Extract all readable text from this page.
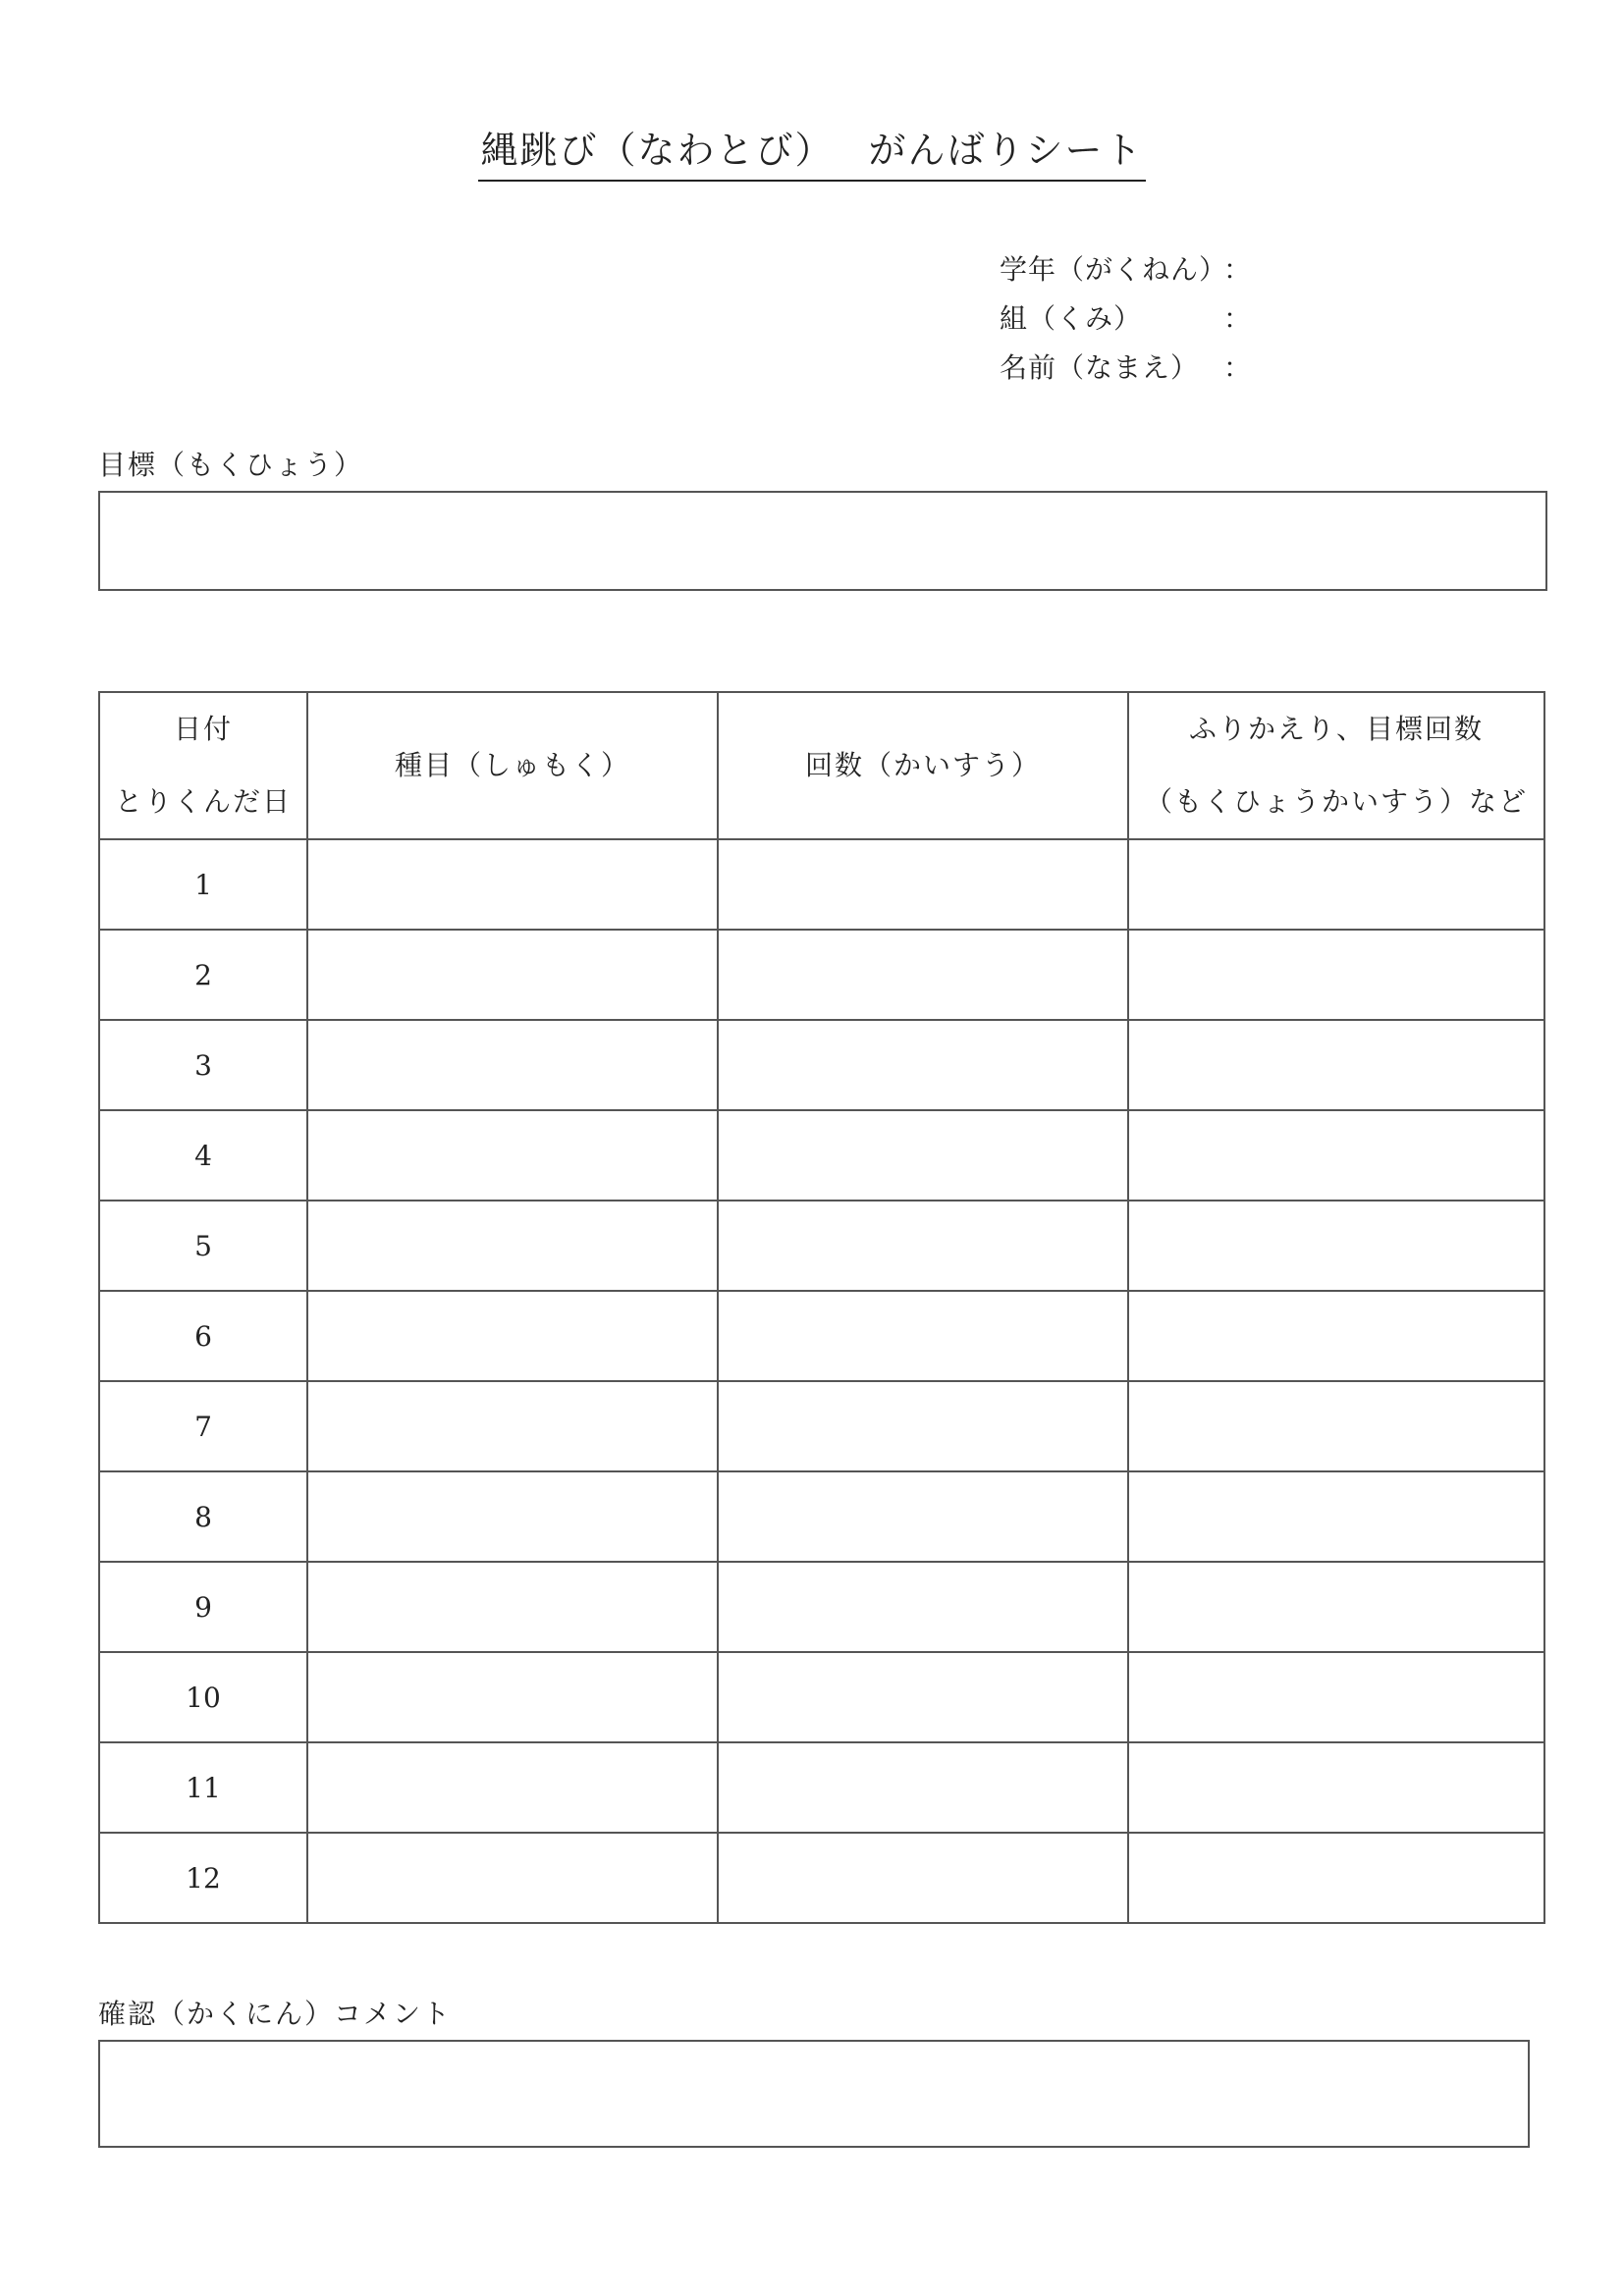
縄跳び（なわとび）　 がんばりシート
学年（がくねん）
：
組（くみ）	：
名前（なまえ） ：
目標（もくひょう）
日付
とりくんだ日	種目（しゅもく）	回数（かいすう）	ふりかえり、目標回数
（もくひょうかいすう）など

1			
2			
3			
4			
5			
6			
7			
8			
9			
10			
11			
12			
確認（かくにん）コメント
